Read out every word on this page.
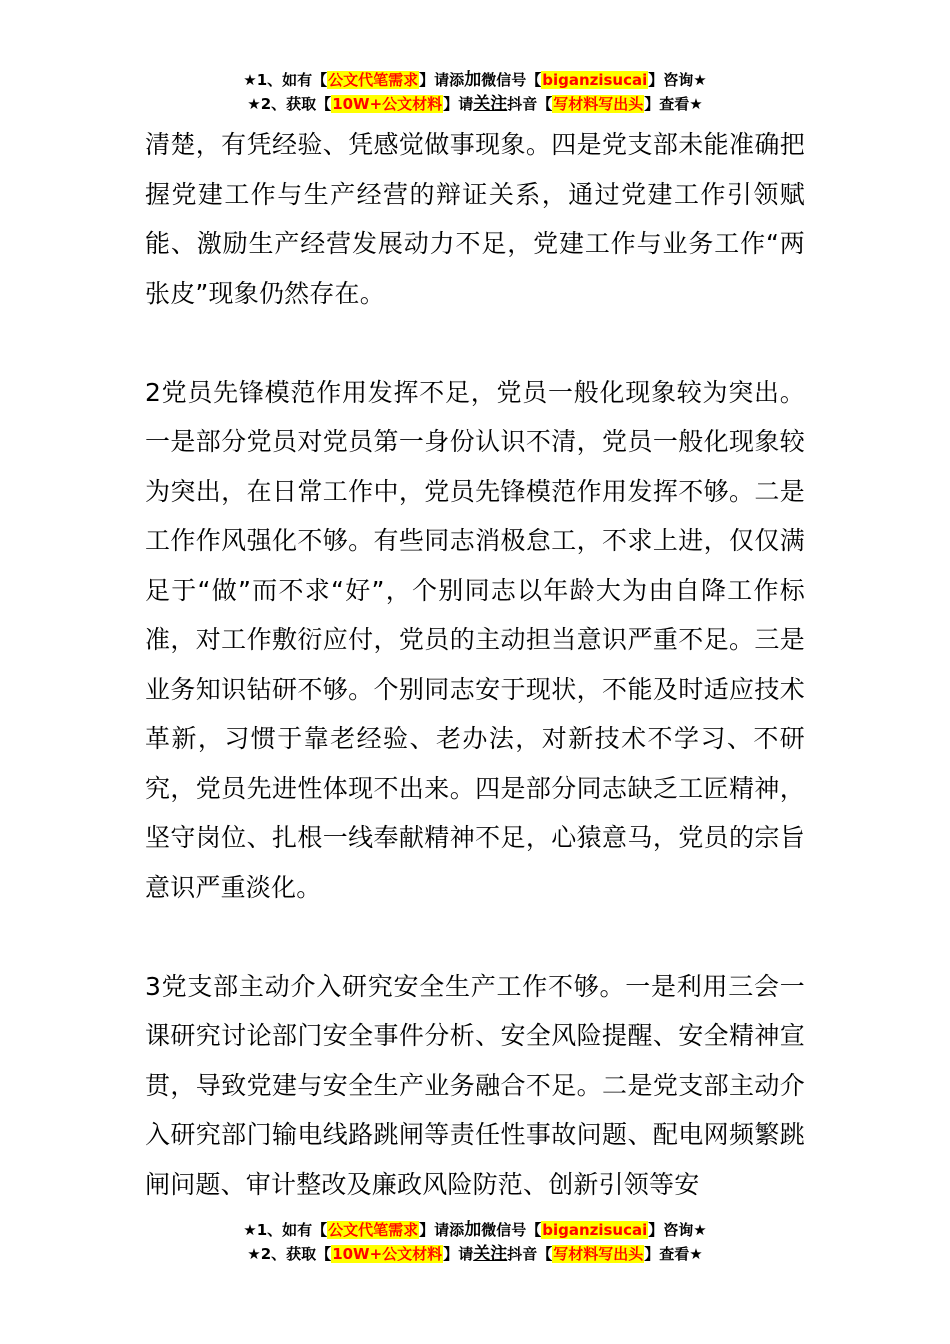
★1、如有【公文代笔需求】请添加微信号【biganzisucai】咨询★
★2、获取【10W+公文材料】请关注抖音【写材料写出头】查看★

清楚，有凭经验、凭感觉做事现象。四是党支部未能准确把握党建工作与生产经营的辩证关系，通过党建工作引领赋能、激励生产经营发展动力不足，党建工作与业务工作“两张皮”现象仍然存在。

2党员先锋模范作用发挥不足，党员一般化现象较为突出。一是部分党员对党员第一身份认识不清，党员一般化现象较为突出，在日常工作中，党员先锋模范作用发挥不够。二是工作作风强化不够。有些同志消极怠工，不求上进，仅仅满足于“做”而不求“好”，个别同志以年龄大为由自降工作标准，对工作敷衍应付，党员的主动担当意识严重不足。三是业务知识钻研不够。个别同志安于现状，不能及时适应技术革新，习惯于靠老经验、老办法，对新技术不学习、不研究，党员先进性体现不出来。四是部分同志缺乏工匠精神，坚守岗位、扎根一线奉献精神不足，心猿意马，党员的宗旨意识严重淡化。

3党支部主动介入研究安全生产工作不够。一是利用三会一课研究讨论部门安全事件分析、安全风险提醒、安全精神宣贯，导致党建与安全生产业务融合不足。二是党支部主动介入研究部门输电线路跳闸等责任性事故问题、配电网频繁跳闸问题、审计整改及廉政风险防范、创新引领等安

★1、如有【公文代笔需求】请添加微信号【biganzisucai】咨询★
★2、获取【10W+公文材料】请关注抖音【写材料写出头】查看★
